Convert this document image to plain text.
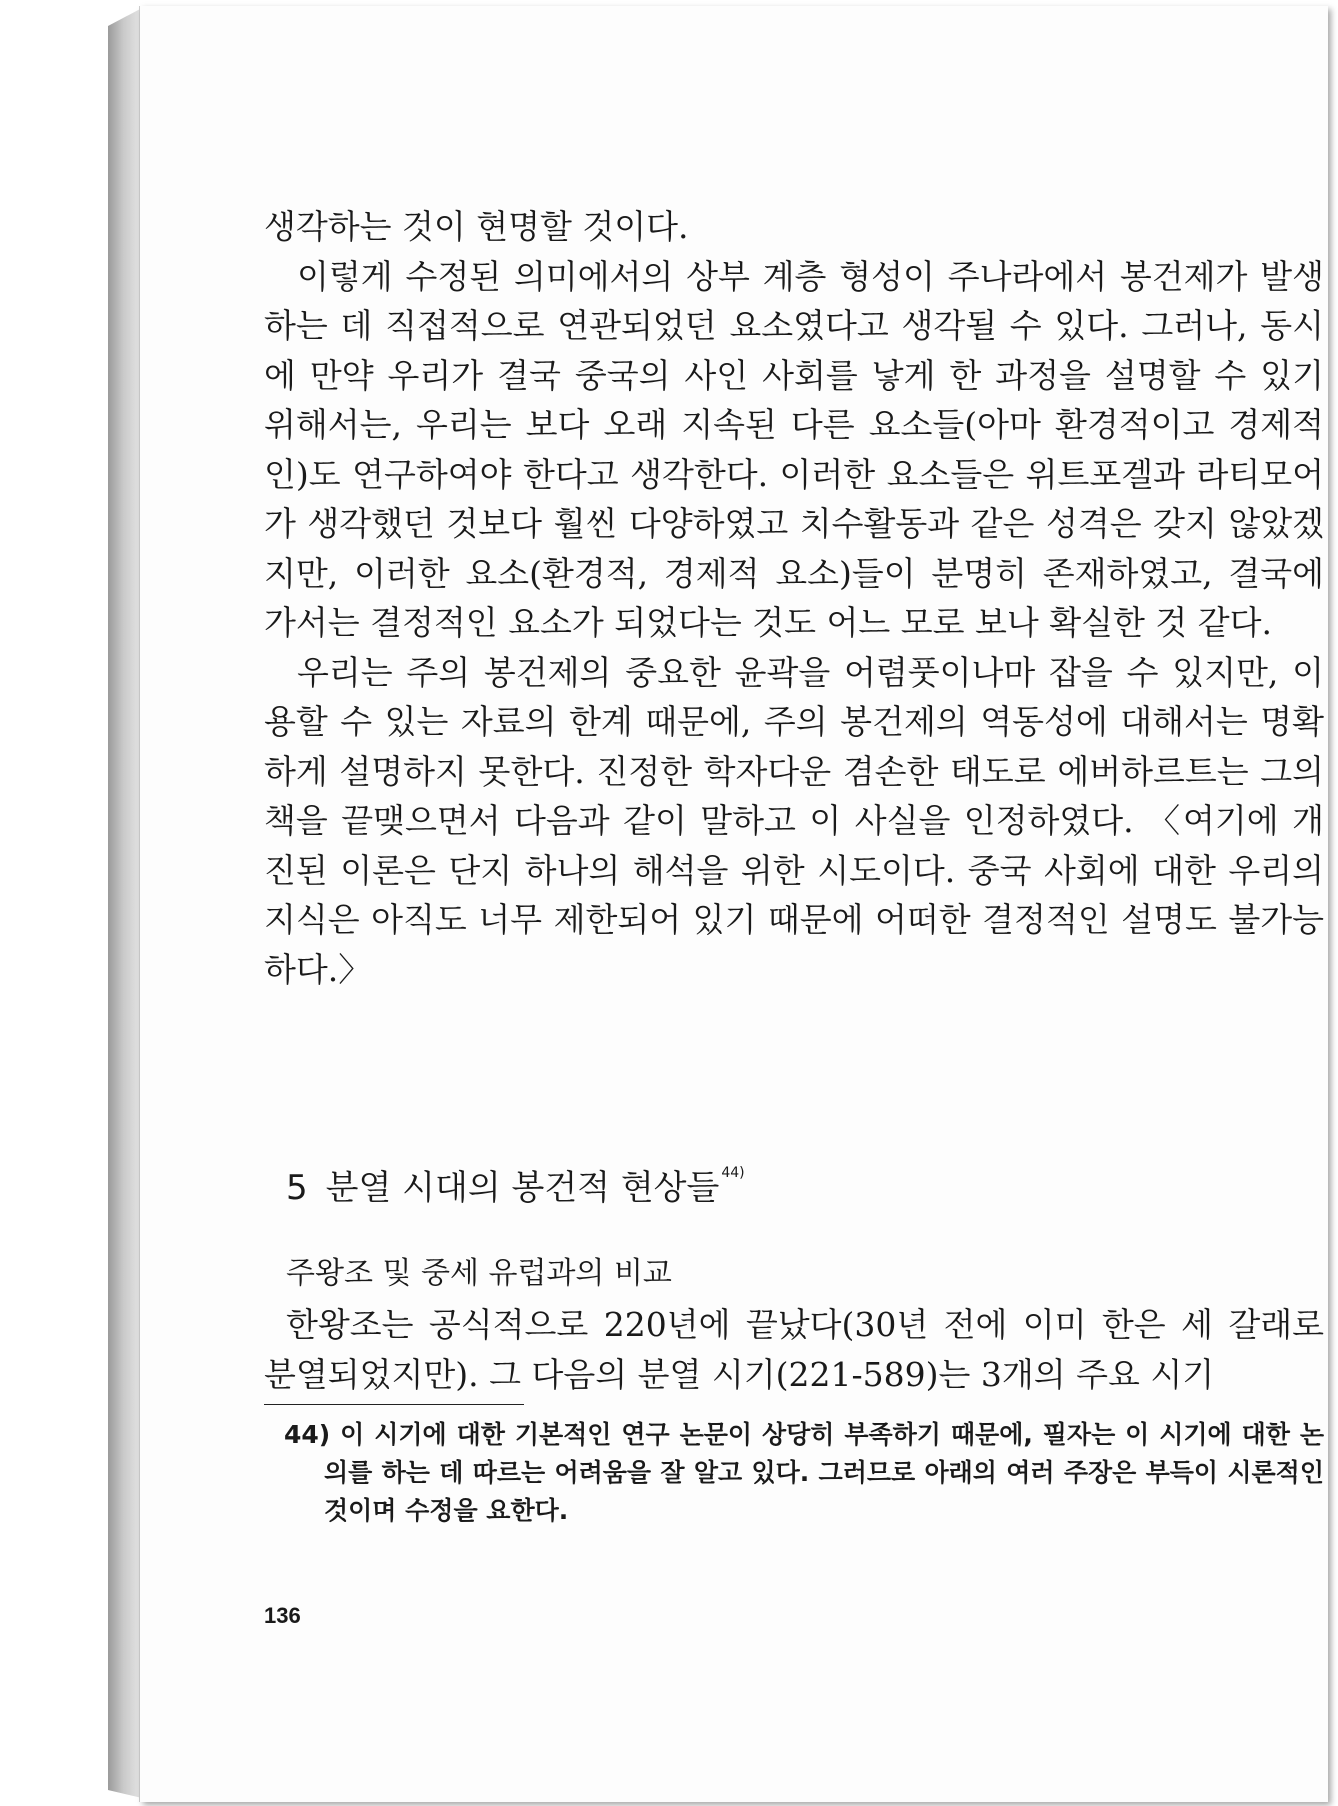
생각하는 것이 현명할 것이다.

이렇게 수정된 의미에서의 상부 계층 형성이 주나라에서 봉건제가 발생하는 데 직접적으로 연관되었던 요소였다고 생각될 수 있다. 그러나, 동시에 만약 우리가 결국 중국의 사인 사회를 낳게 한 과정을 설명할 수 있기 위해서는, 우리는 보다 오래 지속된 다른 요소들(아마 환경적이고 경제적인)도 연구하여야 한다고 생각한다. 이러한 요소들은 위트포겔과 라티모어가 생각했던 것보다 훨씬 다양하였고 치수활동과 같은 성격은 갖지 않았겠지만, 이러한 요소(환경적, 경제적 요소)들이 분명히 존재하였고, 결국에 가서는 결정적인 요소가 되었다는 것도 어느 모로 보나 확실한 것 같다.

우리는 주의 봉건제의 중요한 윤곽을 어렴풋이나마 잡을 수 있지만, 이용할 수 있는 자료의 한계 때문에, 주의 봉건제의 역동성에 대해서는 명확하게 설명하지 못한다. 진정한 학자다운 겸손한 태도로 에버하르트는 그의 책을 끝맺으면서 다음과 같이 말하고 이 사실을 인정하였다. 〈여기에 개진된 이론은 단지 하나의 해석을 위한 시도이다. 중국 사회에 대한 우리의 지식은 아직도 너무 제한되어 있기 때문에 어떠한 결정적인 설명도 불가능하다.〉

5 분열 시대의 봉건적 현상들 $^{44)}$
주왕조 및 중세 유럽과의 비교

한왕조는 공식적으로 220년에 끝났다(30년 전에 이미 한은 세 갈래로 분열되었지만). 그 다음의 분열 시기(221-589)는 3개의 주요 시기

44) 이 시기에 대한 기본적인 연구 논문이 상당히 부족하기 때문에, 필자는 이 시기에 대한 논의를 하는 데 따르는 어려움을 잘 알고 있다. 그러므로 아래의 여러 주장은 부득이 시론적인 것이며 수정을 요한다.
136
